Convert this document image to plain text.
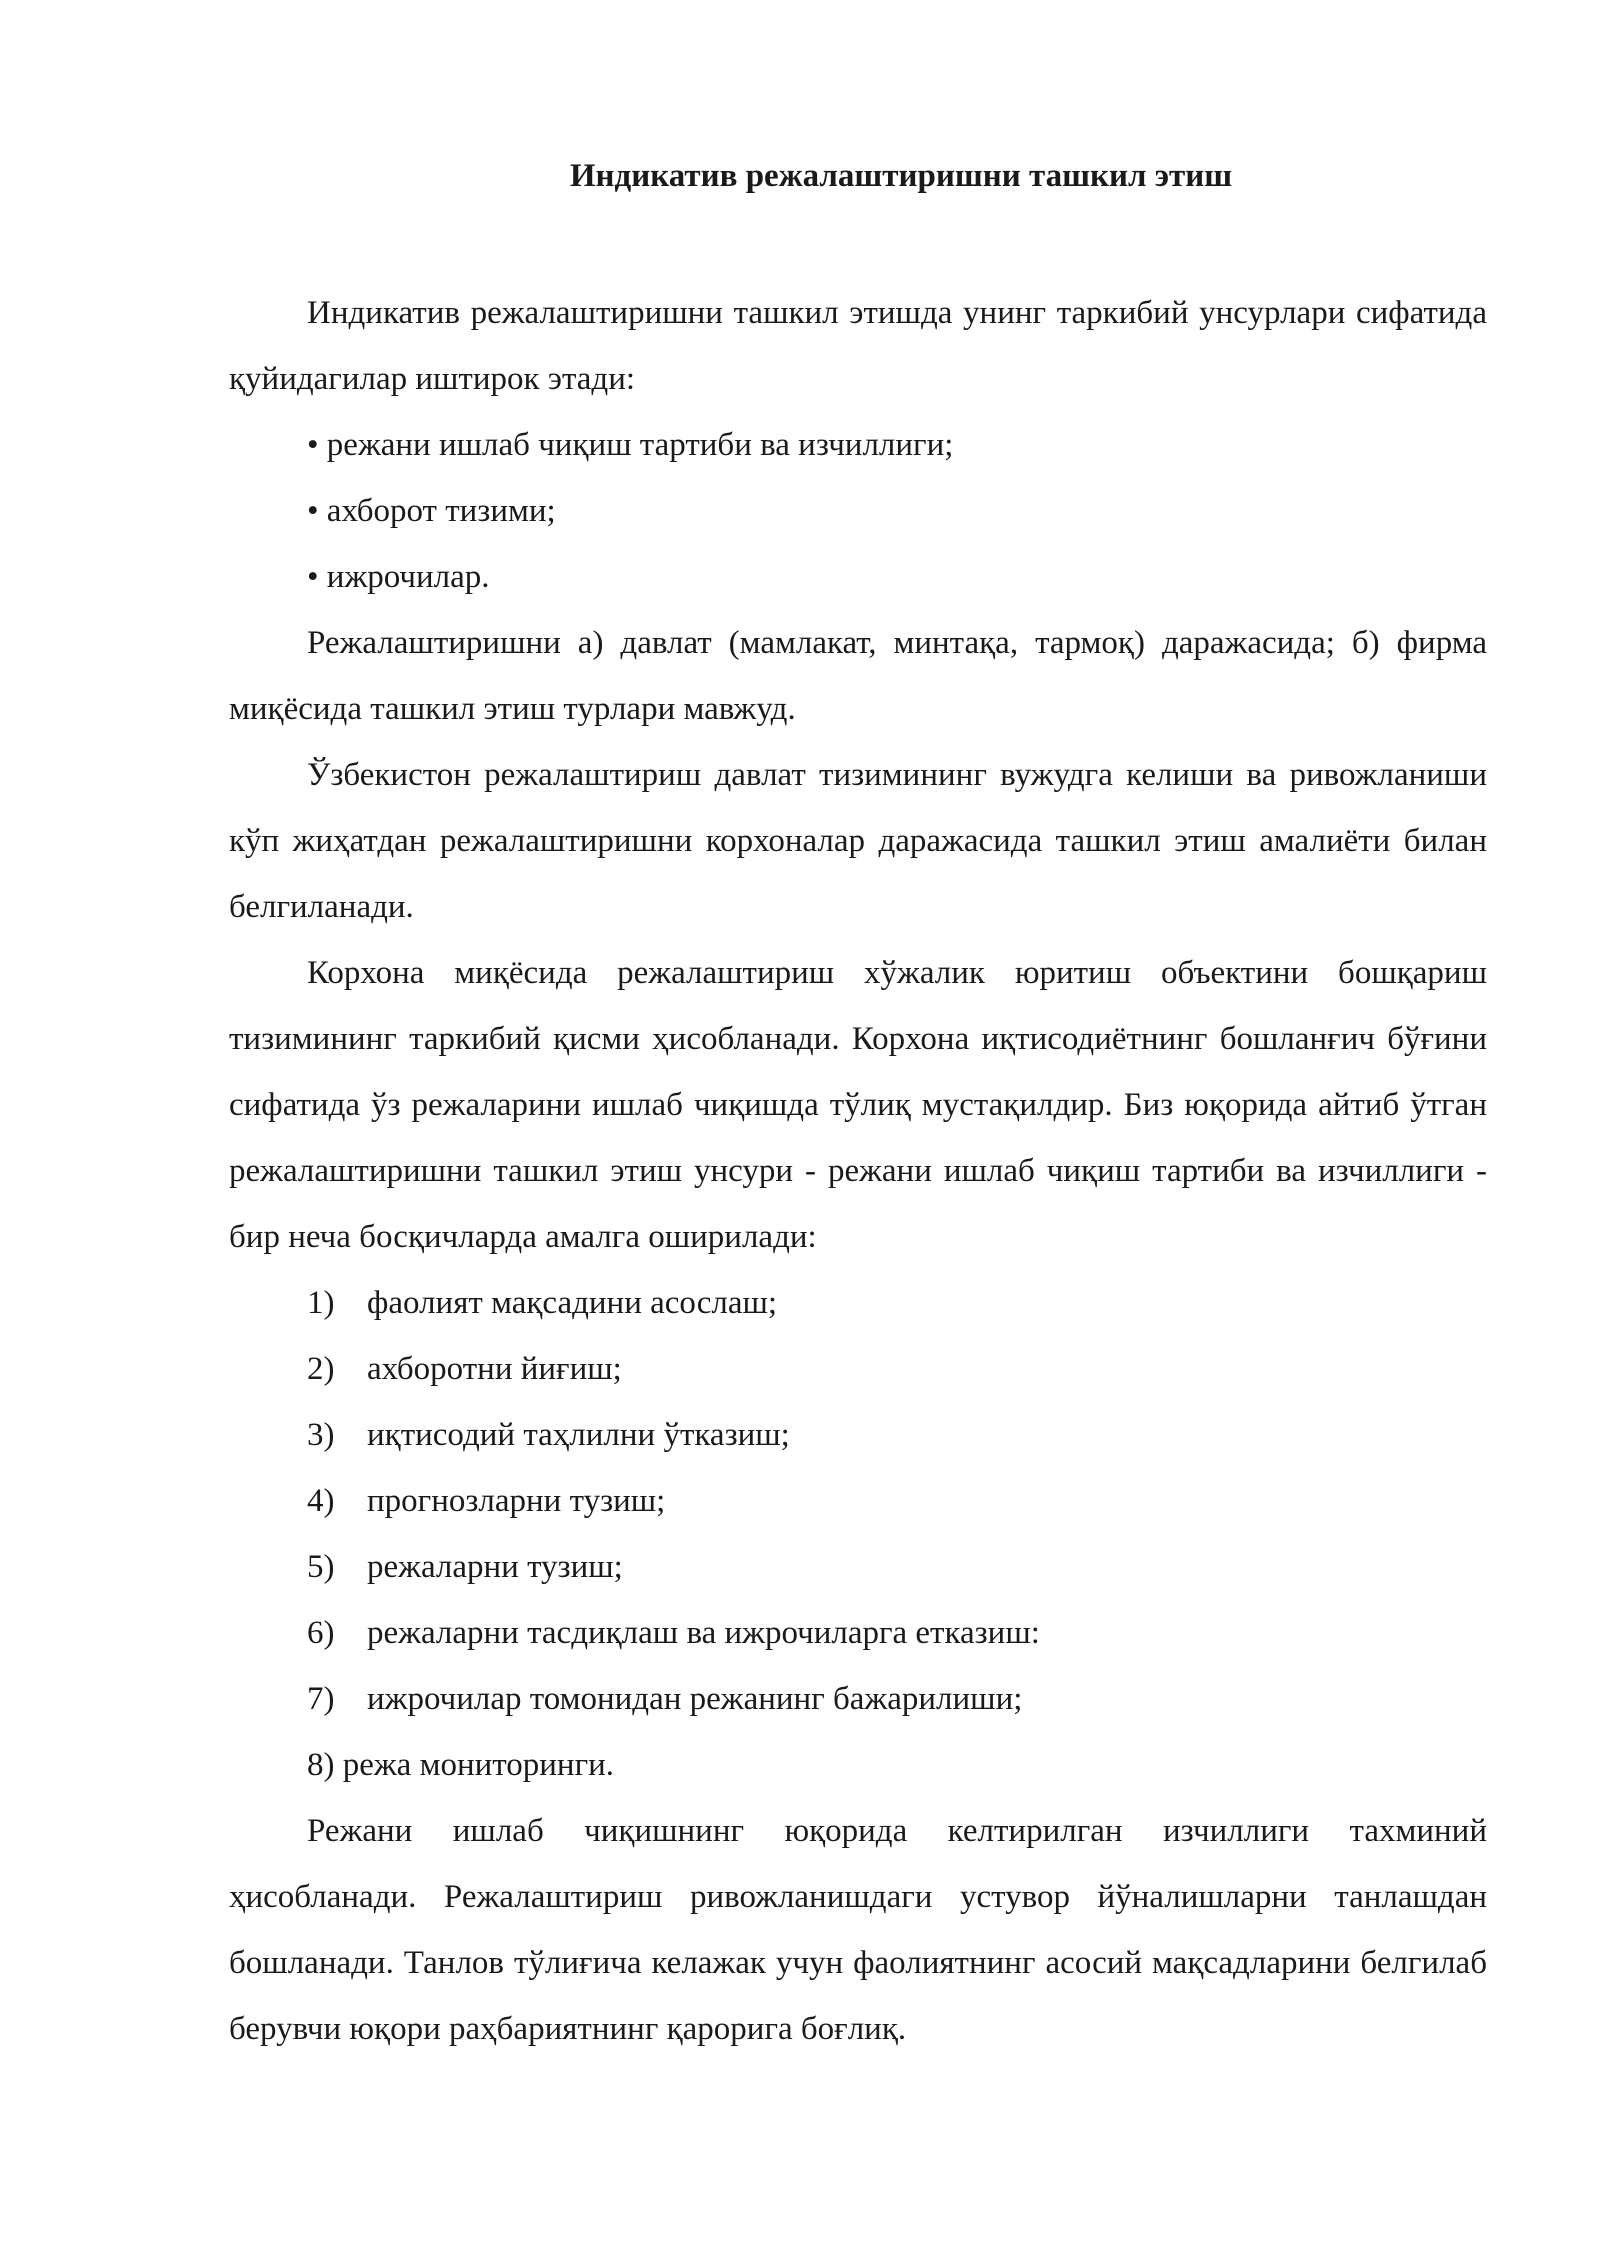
Индикатив режалаштиришни ташкил этиш

Индикатив режалаштиришни ташкил этишда унинг таркибий унсурлари сифатида қуйидагилар иштирок этади:

• режани ишлаб чиқиш тартиби ва изчиллиги;

• ахборот тизими;

• ижрочилар.

Режалаштиришни а) давлат (мамлакат, минтақа, тармоқ) даражасида; б) фирма миқёсида ташкил этиш турлари мавжуд.

Ўзбекистон режалаштириш давлат тизимининг вужудга келиши ва ривожланиши кўп жиҳатдан режалаштиришни корхоналар даражасида ташкил этиш амалиёти билан белгиланади.

Корхона миқёсида режалаштириш хўжалик юритиш объектини бошқариш тизимининг таркибий қисми ҳисобланади. Корхона иқтисодиётнинг бошланғич бўғини сифатида ўз режаларини ишлаб чиқишда тўлиқ мустақилдир. Биз юқорида айтиб ўтган режалаштиришни ташкил этиш унсури - режани ишлаб чиқиш тартиби ва изчиллиги - бир неча босқичларда амалга оширилади:

1) фаолият мақсадини асослаш;

2) ахборотни йиғиш;

3) иқтисодий таҳлилни ўтказиш;

4) прогнозларни тузиш;

5) режаларни тузиш;

6) режаларни тасдиқлаш ва ижрочиларга етказиш:

7) ижрочилар томонидан режанинг бажарилиши;

8) режа мониторинги.

Режани ишлаб чиқишнинг юқорида келтирилган изчиллиги тахминий ҳисобланади. Режалаштириш ривожланишдаги устувор йўналишларни танлашдан бошланади. Танлов тўлиғича келажак учун фаолиятнинг асосий мақсадларини белгилаб берувчи юқори раҳбариятнинг қарорига боғлиқ.
